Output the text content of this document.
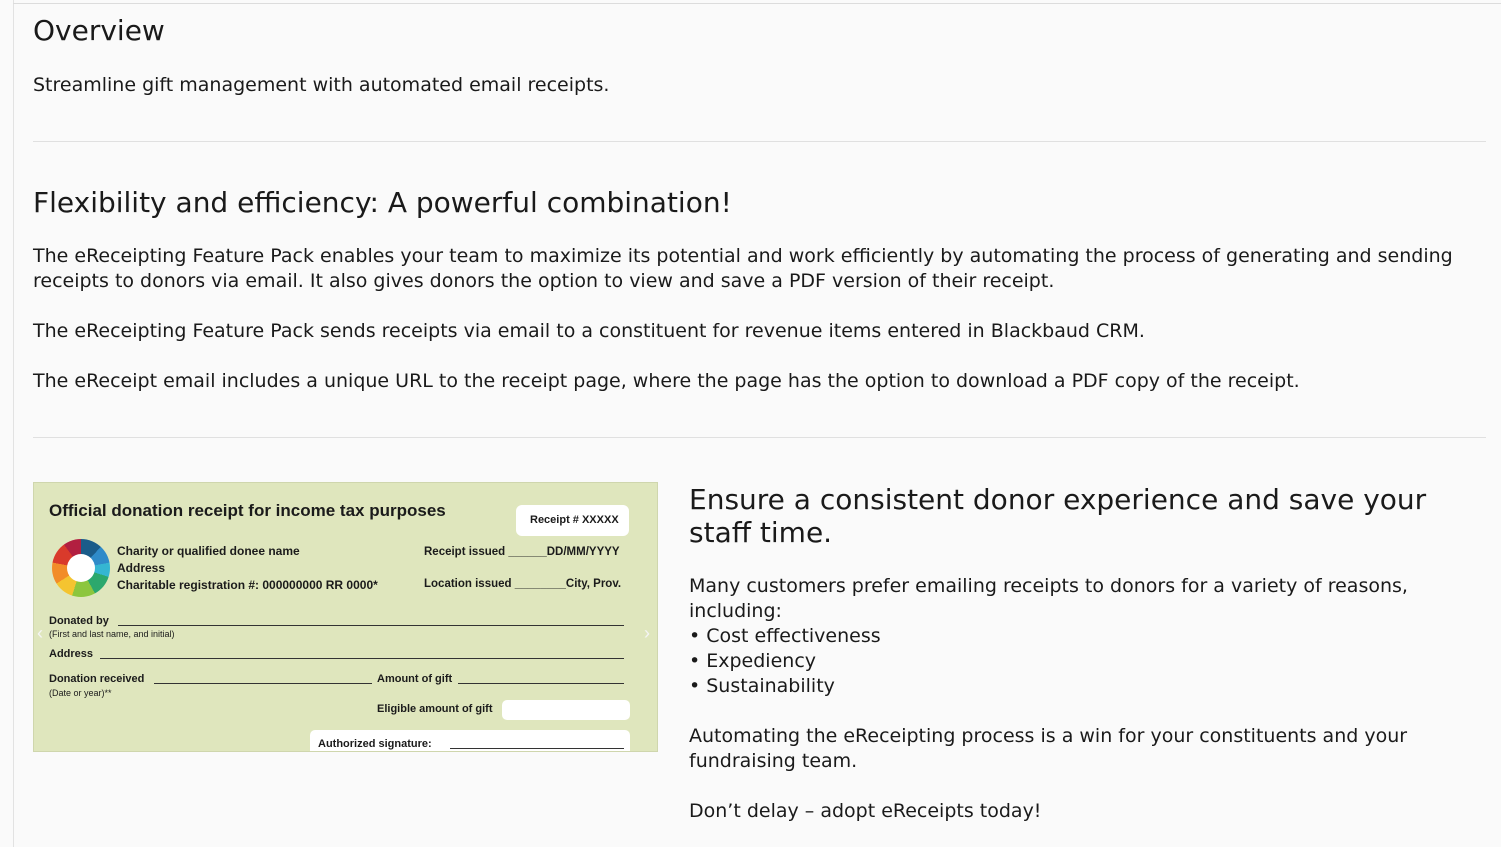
Overview

Streamline gift management with automated email receipts.

Flexibility and efficiency: A powerful combination!

The eReceipting Feature Pack enables your team to maximize its potential and work efficiently by automating the process of generating and sending receipts to donors via email. It also gives donors the option to view and save a PDF version of their receipt.

The eReceipting Feature Pack sends receipts via email to a constituent for revenue items entered in Blackbaud CRM.

The eReceipt email includes a unique URL to the receipt page, where the page has the option to download a PDF copy of the receipt.

Official donation receipt for income tax purposes	Receipt # XXXXX
Charity or qualified donee name
Address
Charitable registration #: 000000000 RR 0000*
Receipt issued ______DD/MM/YYYY
Location issued ________City, Prov.
Donated by
(First and last name, and initial)
Address
Donation received
(Date or year)**
Amount of gift
Eligible amount of gift
Authorized signature:
‹	›
Ensure a consistent donor experience and save your staff time.

Many customers prefer emailing receipts to donors for a variety of reasons, including:

• Cost effectiveness
• Expediency
• Sustainability

Automating the eReceipting process is a win for your constituents and your fundraising team.

Don’t delay – adopt eReceipts today!
